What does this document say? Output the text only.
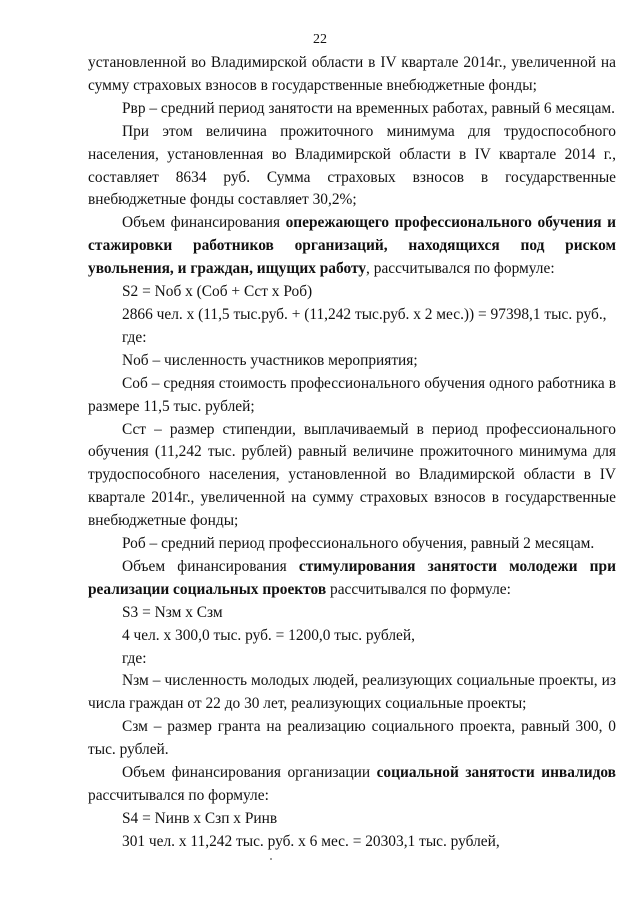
22

установленной во Владимирской области в IV квартале 2014г., увеличенной на сумму страховых взносов в государственные внебюджетные фонды;

Рвр – средний период занятости на временных работах, равный 6 месяцам.

При этом величина прожиточного минимума для трудоспособного населения, установленная во Владимирской области в IV квартале 2014 г., составляет 8634 руб. Сумма страховых взносов в государственные внебюджетные фонды составляет 30,2%;

Объем финансирования опережающего профессионального обучения и стажировки работников организаций, находящихся под риском увольнения, и граждан, ищущих работу, рассчитывался по формуле:

S2 = Nоб х (Соб + Сст х Роб)

2866 чел. х (11,5 тыс.руб. + (11,242 тыс.руб. х 2 мес.)) = 97398,1 тыс. руб.,

где:

Nоб – численность участников мероприятия;

Соб – средняя стоимость профессионального обучения одного работника в размере 11,5 тыс. рублей;

Сст – размер стипендии, выплачиваемый в период профессионального обучения (11,242 тыс. рублей) равный величине прожиточного минимума для трудоспособного населения, установленной во Владимирской области в IV квартале 2014г., увеличенной на сумму страховых взносов в государственные внебюджетные фонды;

Роб – средний период профессионального обучения, равный 2 месяцам.

Объем финансирования стимулирования занятости молодежи при реализации социальных проектов рассчитывался по формуле:

S3 = Nзм х Сзм

4 чел. х 300,0 тыс. руб. = 1200,0 тыс. рублей,

где:

Nзм – численность молодых людей, реализующих социальные проекты, из числа граждан от 22 до 30 лет, реализующих социальные проекты;

Сзм – размер гранта на реализацию социального проекта, равный 300, 0 тыс. рублей.

Объем финансирования организации социальной занятости инвалидов рассчитывался по формуле:

S4 = Nинв х Сзп х Ринв

301 чел. х 11,242 тыс. руб. х 6 мес. = 20303,1 тыс. рублей,
